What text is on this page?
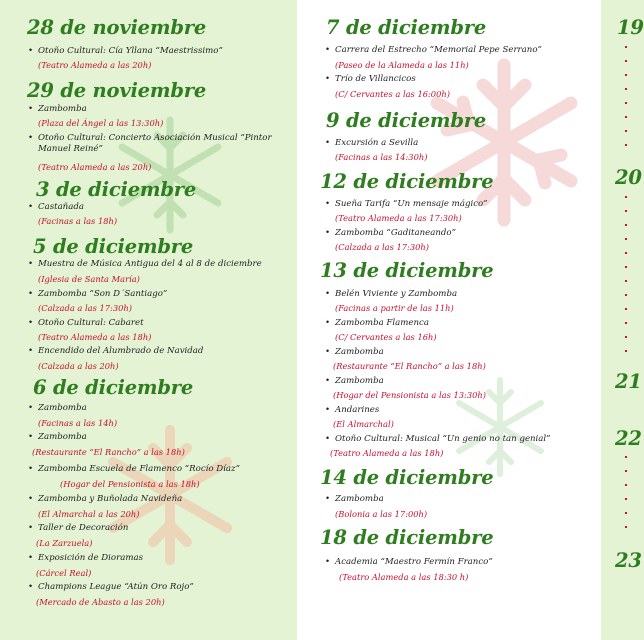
28 de noviembre
• Otoño Cultural: Cía Yllana “Maestrissimo”
(Teatro Alameda a las 20h)
29 de noviembre
• Zambomba
(Plaza del Ángel a las 13:30h)
• Otoño Cultural: Concierto Asociación Musical “Pintor Manuel Reiné”
(Teatro Alameda a las 20h)
3 de diciembre
• Castañada
(Facinas a las 18h)
5 de diciembre
• Muestra de Música Antigua del 4 al 8 de diciembre
(Iglesia de Santa María)
• Zambomba “Son D´Santiago”
(Calzada a las 17:30h)
• Otoño Cultural: Cabaret
(Teatro Alameda a las 18h)
• Encendido del Alumbrado de Navidad
(Calzada a las 20h)
6 de diciembre
• Zambomba
(Facinas a las 14h)
• Zambomba
(Restaurante “El Rancho” a las 18h)
• Zambomba Escuela de Flamenco “Rocío Díaz”
(Hogar del Pensionista a las 18h)
• Zambomba y Buñolada Navideña
(El Almarchal a las 20h)
• Taller de Decoración
(La Zarzuela)
• Exposición de Dioramas
(Cárcel Real)
• Champions League “Atún Oro Rojo”
(Mercado de Abasto a las 20h)
7 de diciembre
• Carrera del Estrecho “Memorial Pepe Serrano”
(Paseo de la Alameda a las 11h)
• Trío de Villancicos
(C/ Cervantes a las 16:00h)
9 de diciembre
• Excursión a Sevilla
(Facinas a las 14:30h)
12 de diciembre
• Sueña Tarifa “Un mensaje mágico”
(Teatro Alameda a las 17:30h)
• Zambomba “Gaditaneando”
(Calzada a las 17:30h)
13 de diciembre
• Belén Viviente y Zambomba
(Facinas a partir de las 11h)
• Zambomba Flamenca
(C/ Cervantes a las 16h)
• Zambomba
(Restaurante “El Rancho” a las 18h)
• Zambomba
(Hogar del Pensionista a las 13:30h)
• Andarines
(El Almarchal)
• Otoño Cultural: Musical “Un genio no tan genial”
(Teatro Alameda a las 18h)
14 de diciembre
• Zambomba
(Bolonia a las 17:00h)
18 de diciembre
• Academia “Maestro Fermín Franco”
(Teatro Alameda a las 18:30 h)
19
20
21
22
23
